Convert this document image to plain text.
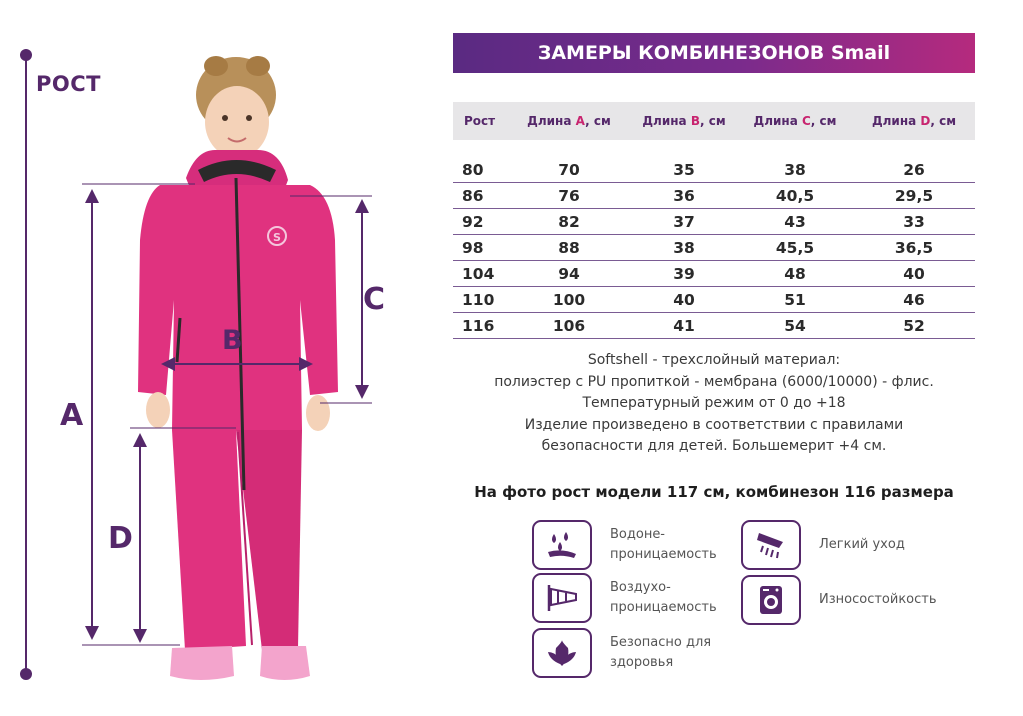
S
РОСТ
A
B
C
D
ЗАМЕРЫ КОМБИНЕЗОНОВ Smail
Рост	Длина A, см	Длина B, см	Длина C, см	Длина D, см
80	70	35	38	26
86	76	36	40,5	29,5
92	82	37	43	33
98	88	38	45,5	36,5
104	94	39	48	40
110	100	40	51	46
116	106	41	54	52
Softshell - трехслойный материал:
полиэстер с PU пропиткой - мембрана (6000/10000) - флис.
Температурный режим от 0 до +18
Изделие произведено в соответствии с правилами
безопасности для детей. Большемерит +4 см.
На фото рост модели 117 см, комбинезон 116 размера
Водоне-
проницаемость
Воздухо-
проницаемость
Безопасно для
здоровья
Легкий уход
Износостойкость
